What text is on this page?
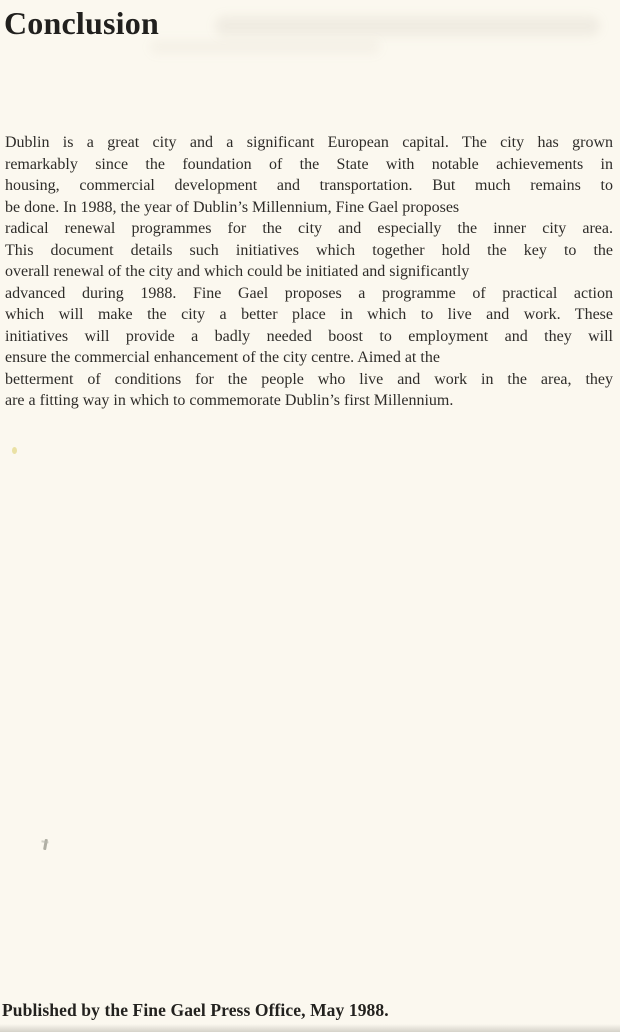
Conclusion
Dublin is a great city and a significant European capital. The city has grown
remarkably since the foundation of the State with notable achievements in
housing, commercial development and transportation. But much remains to
be done. In 1988, the year of Dublin’s Millennium, Fine Gael proposes
radical renewal programmes for the city and especially the inner city area.
This document details such initiatives which together hold the key to the
overall renewal of the city and which could be initiated and significantly
advanced during 1988. Fine Gael proposes a programme of practical action
which will make the city a better place in which to live and work. These
initiatives will provide a badly needed boost to employment and they will
ensure the commercial enhancement of the city centre. Aimed at the
betterment of conditions for the people who live and work in the area, they
are a fitting way in which to commemorate Dublin’s first Millennium.
Published by the Fine Gael Press Office, May 1988.
